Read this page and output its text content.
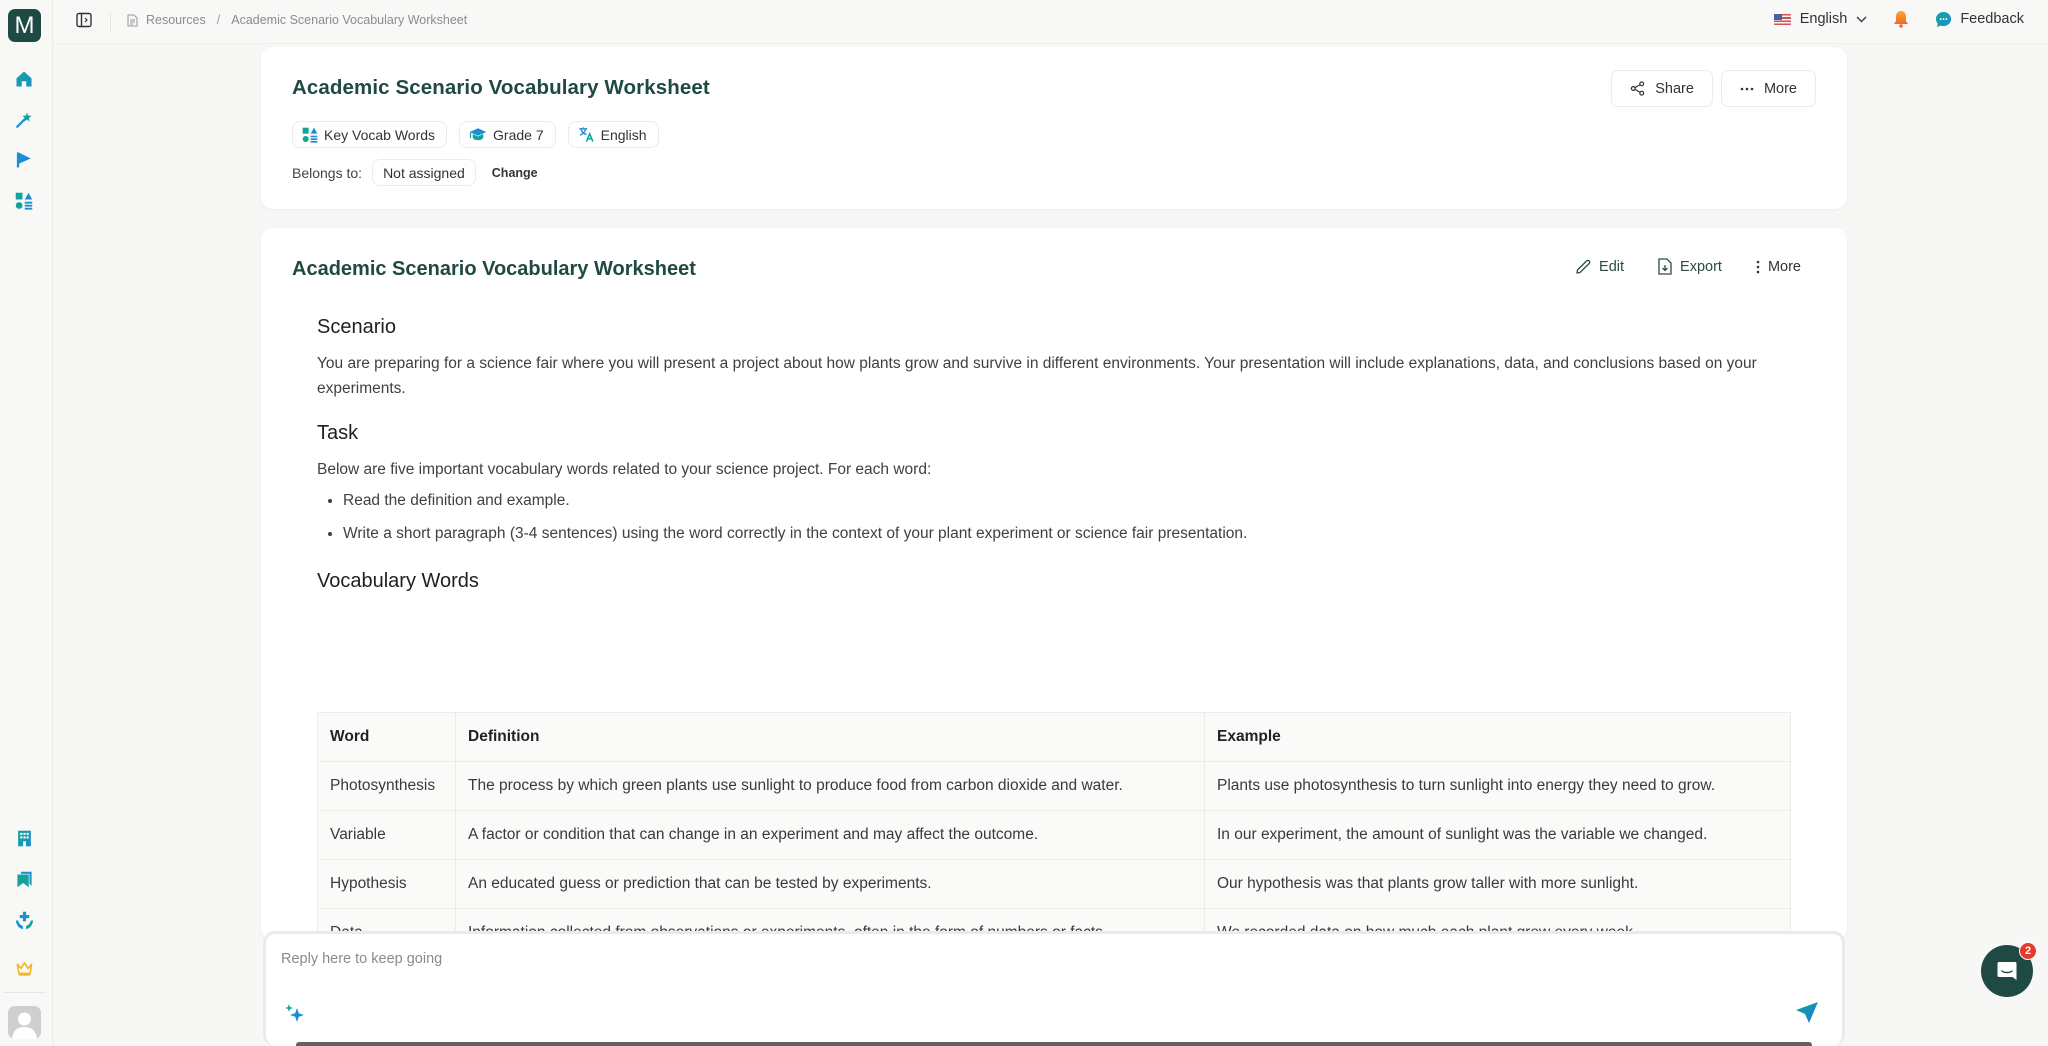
M	Resources / Academic Scenario Vocabulary Worksheet	English	Feedback
Academic Scenario Vocabulary Worksheet
Key Vocab Words	Grade 7	English
Belongs to:	Not assigned	Change
Share	More
Academic Scenario Vocabulary Worksheet	Edit	Export	More
Scenario

You are preparing for a science fair where you will present a project about how plants grow and survive in different environments. Your presentation will include explanations, data, and conclusions based on your experiments.

Task

Below are five important vocabulary words related to your science project. For each word:

• Read the definition and example.
• Write a short paragraph (3-4 sentences) using the word correctly in the context of your plant experiment or science fair presentation.
Vocabulary Words
Word	Definition	Example
Photosynthesis	The process by which green plants use sunlight to produce food from carbon dioxide and water.	Plants use photosynthesis to turn sunlight into energy they need to grow.
Variable	A factor or condition that can change in an experiment and may affect the outcome.	In our experiment, the amount of sunlight was the variable we changed.
Hypothesis	An educated guess or prediction that can be tested by experiments.	Our hypothesis was that plants grow taller with more sunlight.

Reply here to keep going
2
